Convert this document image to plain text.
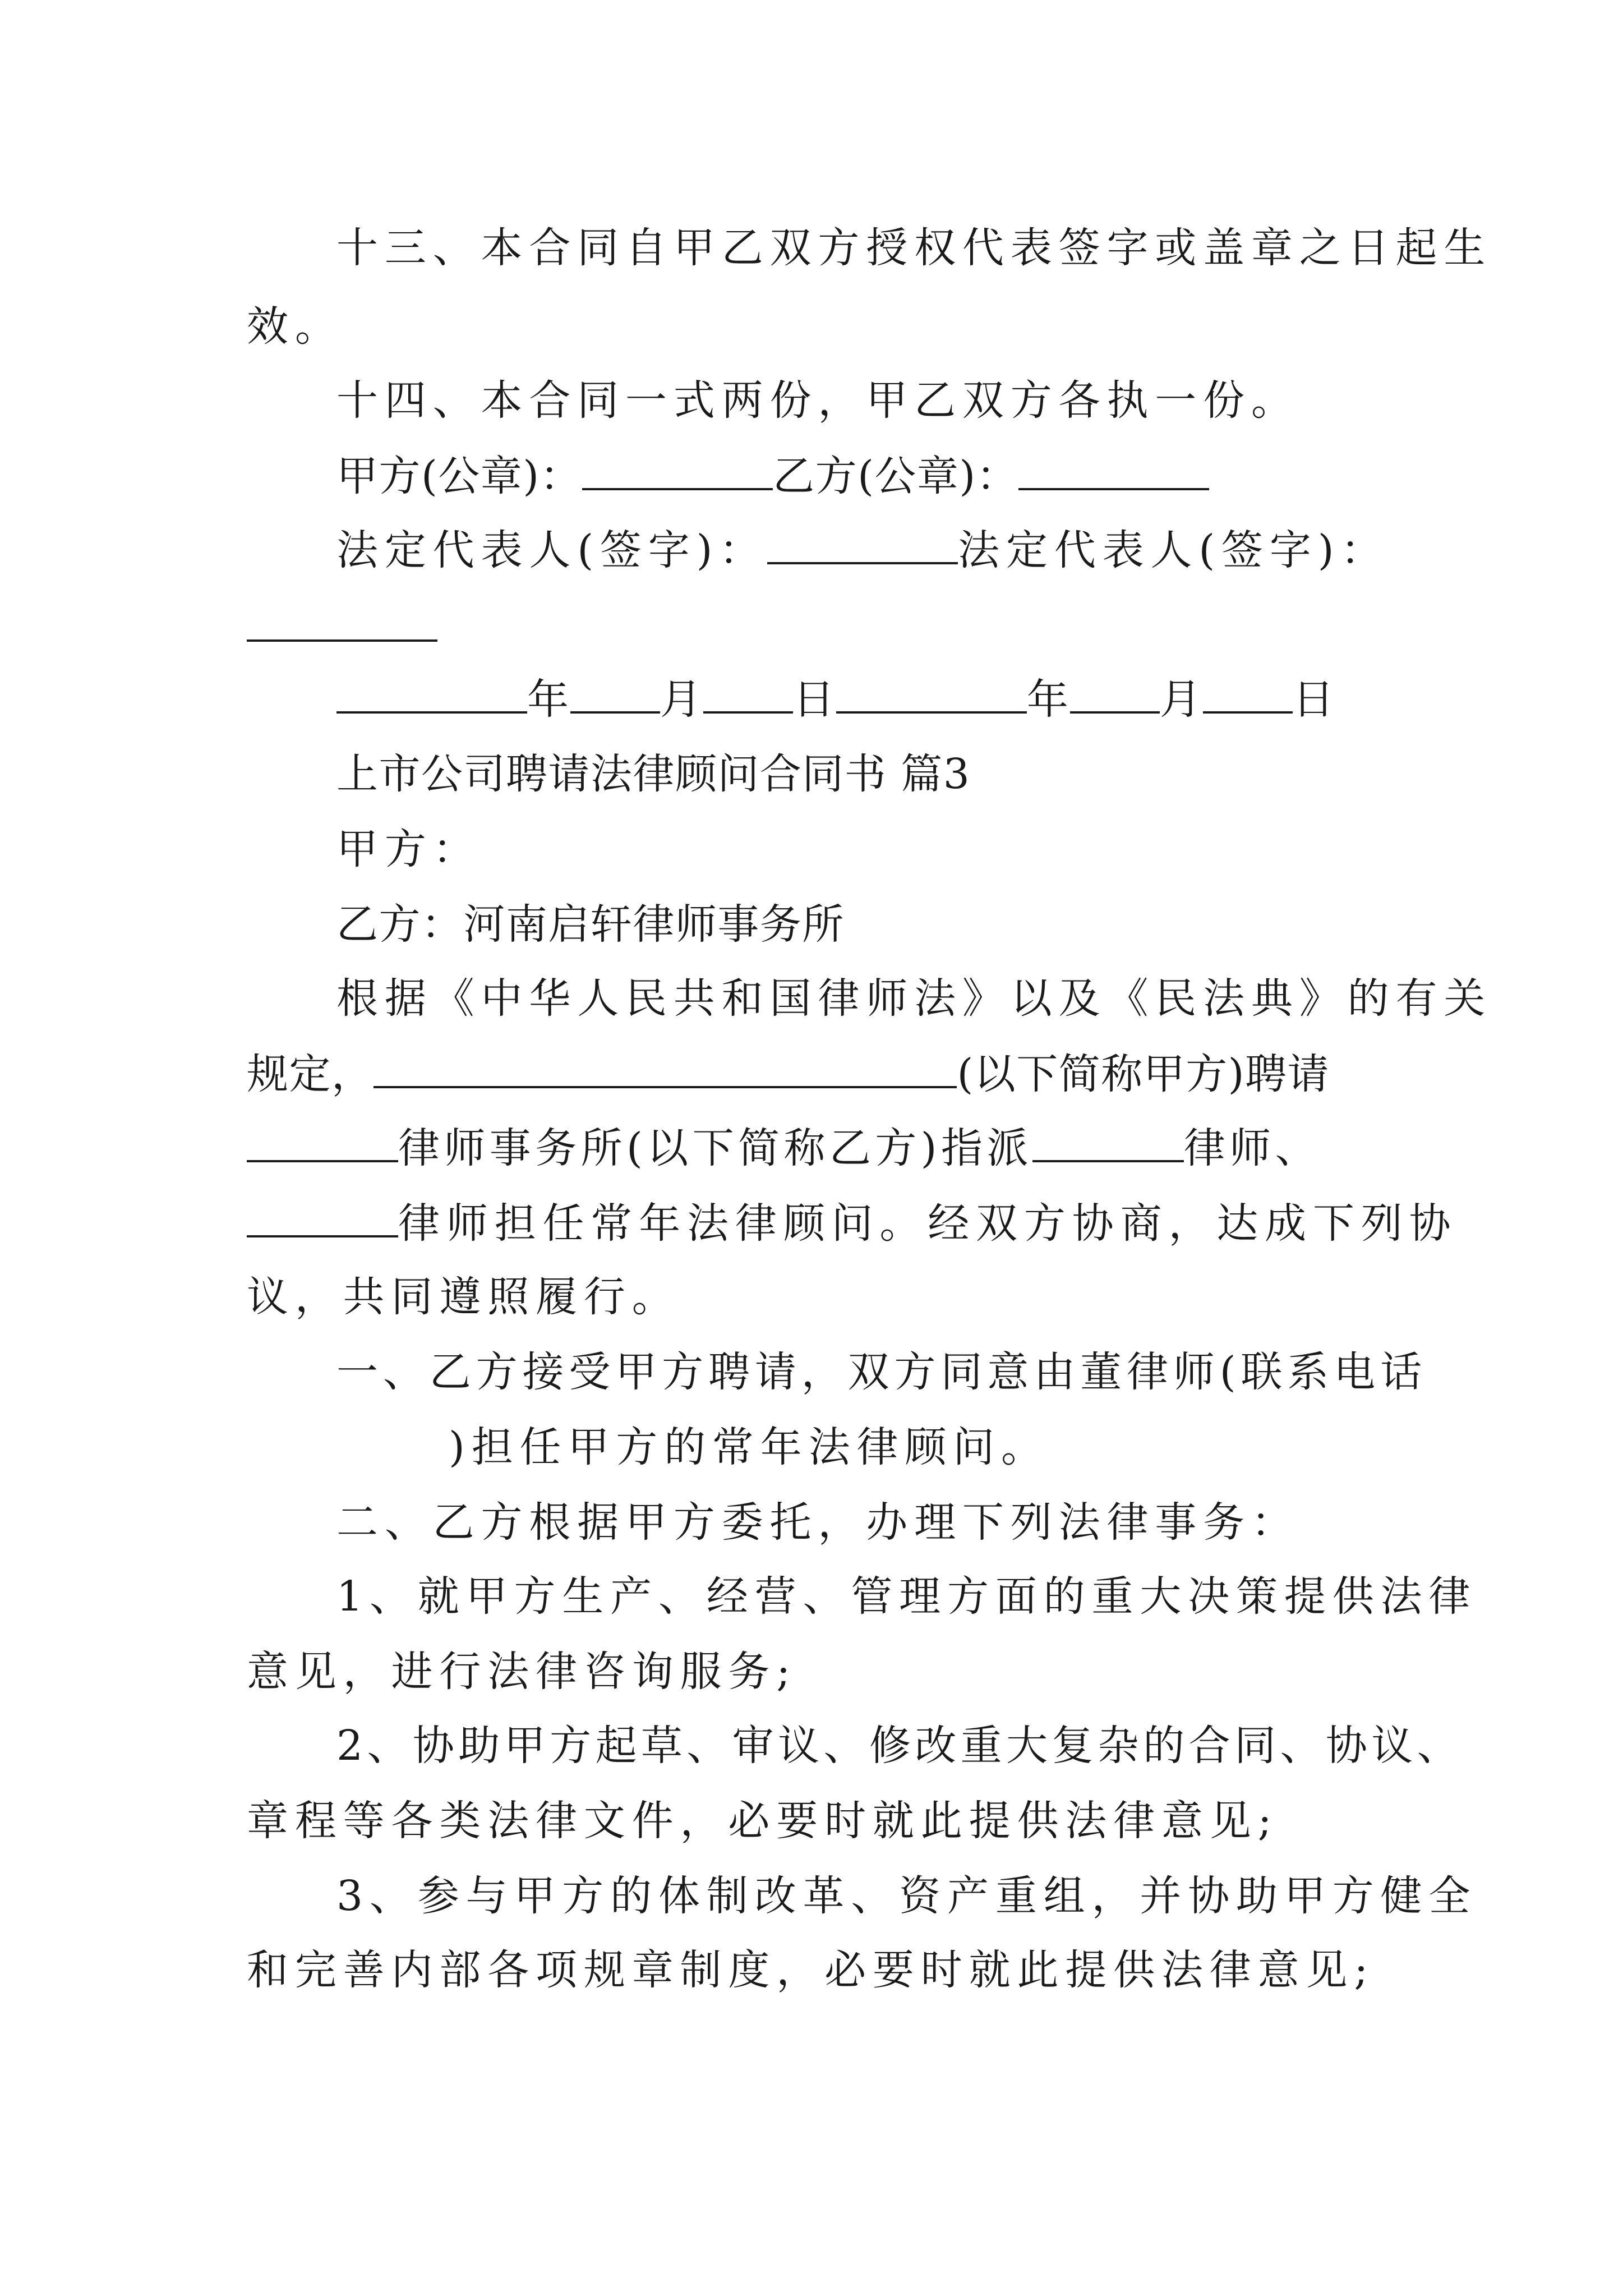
十三、本合同自甲乙双方授权代表签字或盖章之日起生
效。
十四、本合同一式两份，甲乙双方各执一份。
甲方(公章)：	乙方(公章)：
法定代表人(签字)：	法定代表人(签字)：
年 月 日	年 月 日
上市公司聘请法律顾问合同书 篇3
甲方：
乙方：河南启轩律师事务所
根据《中华人民共和国律师法》以及《民法典》的有关
规定，	(以下简称甲方)聘请
律师事务所(以下简称乙方)指派	律师、
律师担任常年法律顾问。经双方协商，达成下列协
议，共同遵照履行。
一、乙方接受甲方聘请，双方同意由董律师(联系电话
)担任甲方的常年法律顾问。
二、乙方根据甲方委托，办理下列法律事务：
1、就甲方生产、经营、管理方面的重大决策提供法律
意见，进行法律咨询服务;
2、协助甲方起草、审议、修改重大复杂的合同、协议、
章程等各类法律文件，必要时就此提供法律意见;
3、参与甲方的体制改革、资产重组，并协助甲方健全
和完善内部各项规章制度，必要时就此提供法律意见;
